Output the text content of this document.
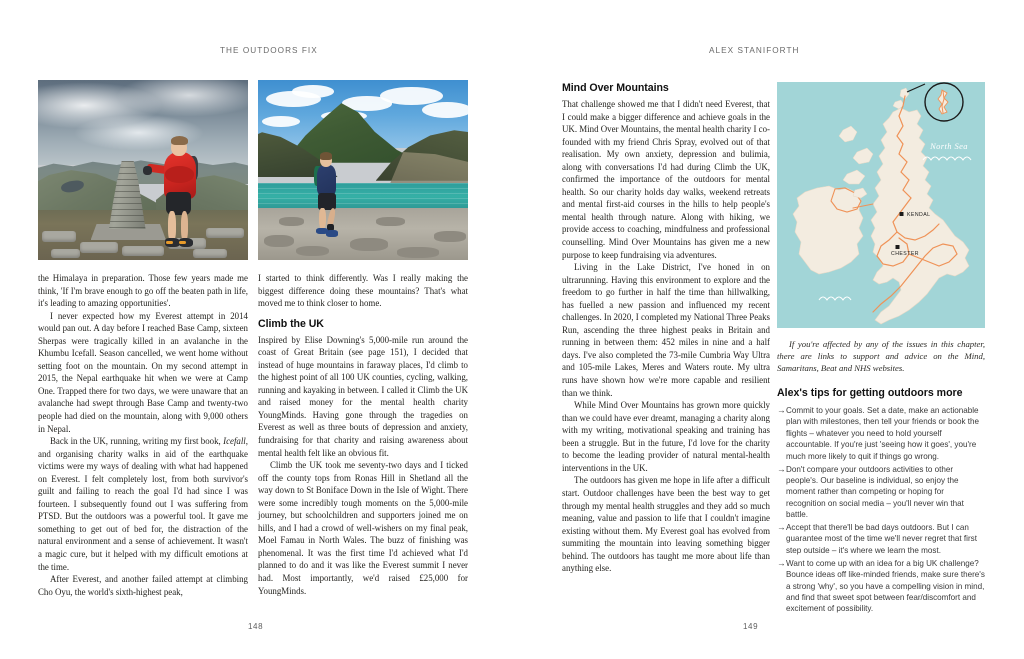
THE OUTDOORS FIX	ALEX STANIFORTH

the Himalaya in preparation. Those few years made me think, 'If I'm brave enough to go off the beaten path in life, it's leading to amazing opportunities'.

I never expected how my Everest attempt in 2014 would pan out. A day before I reached Base Camp, sixteen Sherpas were tragically killed in an avalanche in the Khumbu Icefall. Season cancelled, we went home without setting foot on the mountain. On my second attempt in 2015, the Nepal earthquake hit when we were at Camp One. Trapped there for two days, we were unaware that an avalanche had swept through Base Camp and twenty-two people had died on the mountain, along with 9,000 others in Nepal.

Back in the UK, running, writing my first book, Icefall, and organising charity walks in aid of the earthquake victims were my ways of dealing with what had happened on Everest. I felt completely lost, from both survivor's guilt and failing to reach the goal I'd had since I was fourteen. I subsequently found out I was suffering from PTSD. But the outdoors was a powerful tool. It gave me something to get out of bed for, the distraction of the natural environment and a sense of achievement. It wasn't a magic cure, but it helped with my difficult emotions at the time.

After Everest, and another failed attempt at climbing Cho Oyu, the world's sixth-highest peak,

I started to think differently. Was I really making the biggest difference doing these mountains? That's what moved me to think closer to home.

Climb the UK

Inspired by Elise Downing's 5,000-mile run around the coast of Great Britain (see page 151), I decided that instead of huge mountains in faraway places, I'd climb to the highest point of all 100 UK counties, cycling, walking, running and kayaking in between. I called it Climb the UK and raised money for the mental health charity YoungMinds. Having gone through the tragedies on Everest as well as three bouts of depression and anxiety, fundraising for that charity and raising awareness about mental health felt like an obvious fit.

Climb the UK took me seventy-two days and I ticked off the county tops from Ronas Hill in Shetland all the way down to St Boniface Down in the Isle of Wight. There were some incredibly tough moments on the 5,000-mile journey, but schoolchildren and supporters joined me on hills, and I had a crowd of well-wishers on my final peak, Moel Famau in North Wales. The buzz of finishing was phenomenal. It was the first time I'd achieved what I'd planned to do and it was like the Everest summit I never had. Most importantly, we'd raised £25,000 for YoungMinds.

Mind Over Mountains

That challenge showed me that I didn't need Everest, that I could make a bigger difference and achieve goals in the UK. Mind Over Mountains, the mental health charity I co-founded with my friend Chris Spray, evolved out of that realisation. My own anxiety, depression and bulimia, along with conversations I'd had during Climb the UK, confirmed the importance of the outdoors for mental health. So our charity holds day walks, weekend retreats and mental first-aid courses in the hills to help people's mental health through nature. Along with hiking, we provide access to coaching, mindfulness and professional counselling. Mind Over Mountains has given me a new purpose to keep fundraising via adventures.

Living in the Lake District, I've honed in on ultrarunning. Having this environment to explore and the freedom to go further in half the time than hillwalking, has fuelled a new passion and influenced my recent challenges. In 2020, I completed my National Three Peaks Run, ascending the three highest peaks in Britain and running in between them: 452 miles in nine and a half days. I've also completed the 73-mile Cumbria Way Ultra and 105-mile Lakes, Meres and Waters route. My ultra runs have shown how we're more capable and resilient than we think.

While Mind Over Mountains has grown more quickly than we could have ever dreamt, managing a charity along with my writing, motivational speaking and training has been a struggle. But in the future, I'd love for the charity to become the leading provider of natural mental-health interventions in the UK.

The outdoors has given me hope in life after a difficult start. Outdoor challenges have been the best way to get through my mental health struggles and they add so much meaning, value and passion to life that I couldn't imagine existing without them. My Everest goal has evolved from summiting the mountain into leaving something bigger behind. The outdoors has taught me more about life than anything else.

North Sea
KENDAL
CHESTER
If you're affected by any of the issues in this chapter, there are links to support and advice on the Mind, Samaritans, Beat and NHS websites.
Alex's tips for getting outdoors more
→ Commit to your goals. Set a date, make an actionable plan with milestones, then tell your friends or book the flights – whatever you need to hold yourself accountable. If you're just 'seeing how it goes', you're much more likely to quit if things go wrong.
→ Don't compare your outdoors activities to other people's. Our baseline is individual, so enjoy the moment rather than competing or hoping for recognition on social media – you'll never win that battle.
→ Accept that there'll be bad days outdoors. But I can guarantee most of the time we'll never regret that first step outside – it's where we learn the most.
→ Want to come up with an idea for a big UK challenge? Bounce ideas off like-minded friends, make sure there's a strong 'why', so you have a compelling vision in mind, and find that sweet spot between fear/discomfort and excitement of possibility.
148	149
